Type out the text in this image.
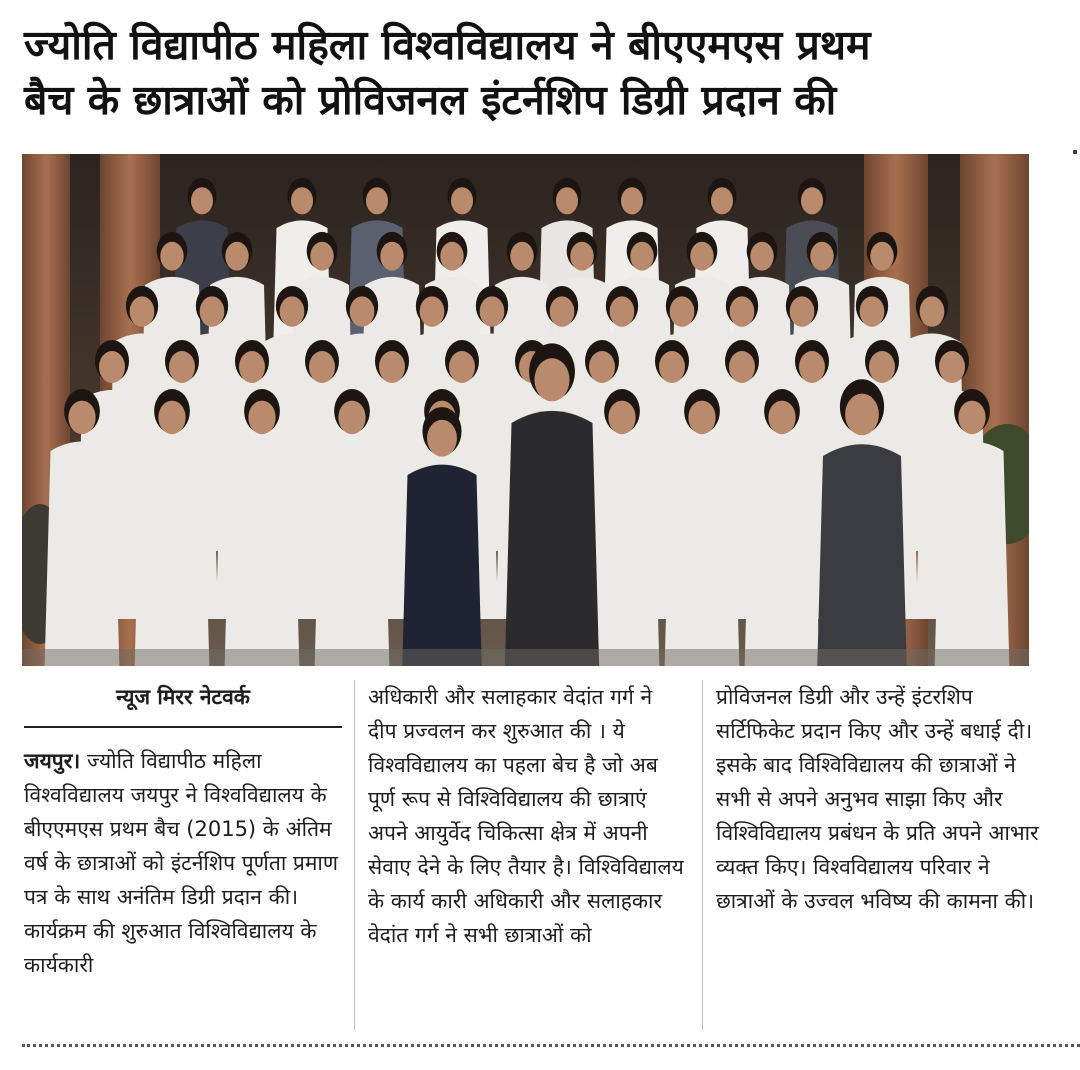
ज्योति विद्यापीठ महिला विश्वविद्यालय ने बीएएमएस प्रथम
बैच के छात्राओं को प्रोविजनल इंटर्नशिप डिग्री प्रदान की
न्यूज मिरर नेटवर्क

जयपुर। ज्योति विद्यापीठ महिला विश्वविद्यालय जयपुर ने विश्वविद्यालय के बीएएमएस प्रथम बैच (2015) के अंतिम वर्ष के छात्राओं को इंटर्नशिप पूर्णता प्रमाण पत्र के साथ अनंतिम डिग्री प्रदान की। कार्यक्रम की शुरुआत विश्विविद्यालय के कार्यकारी

अधिकारी और सलाहकार वेदांत गर्ग ने दीप प्रज्वलन कर शुरुआत की । ये विश्वविद्यालय का पहला बेच है जो अब पूर्ण रूप से विश्विविद्यालय की छात्राएं अपने आयुर्वेद चिकित्सा क्षेत्र में अपनी सेवाए देने के लिए तैयार है। विश्विविद्यालय के कार्य कारी अधिकारी और सलाहकार वेदांत गर्ग ने सभी छात्राओं को

प्रोविजनल डिग्री और उन्हें इंटरशिप सर्टिफिकेट प्रदान किए और उन्हें बधाई दी। इसके बाद विश्विविद्यालय की छात्राओं ने सभी से अपने अनुभव साझा किए और विश्विविद्यालय प्रबंधन के प्रति अपने आभार व्यक्त किए। विश्वविद्यालय परिवार ने छात्राओं के उज्वल भविष्य की कामना की।
